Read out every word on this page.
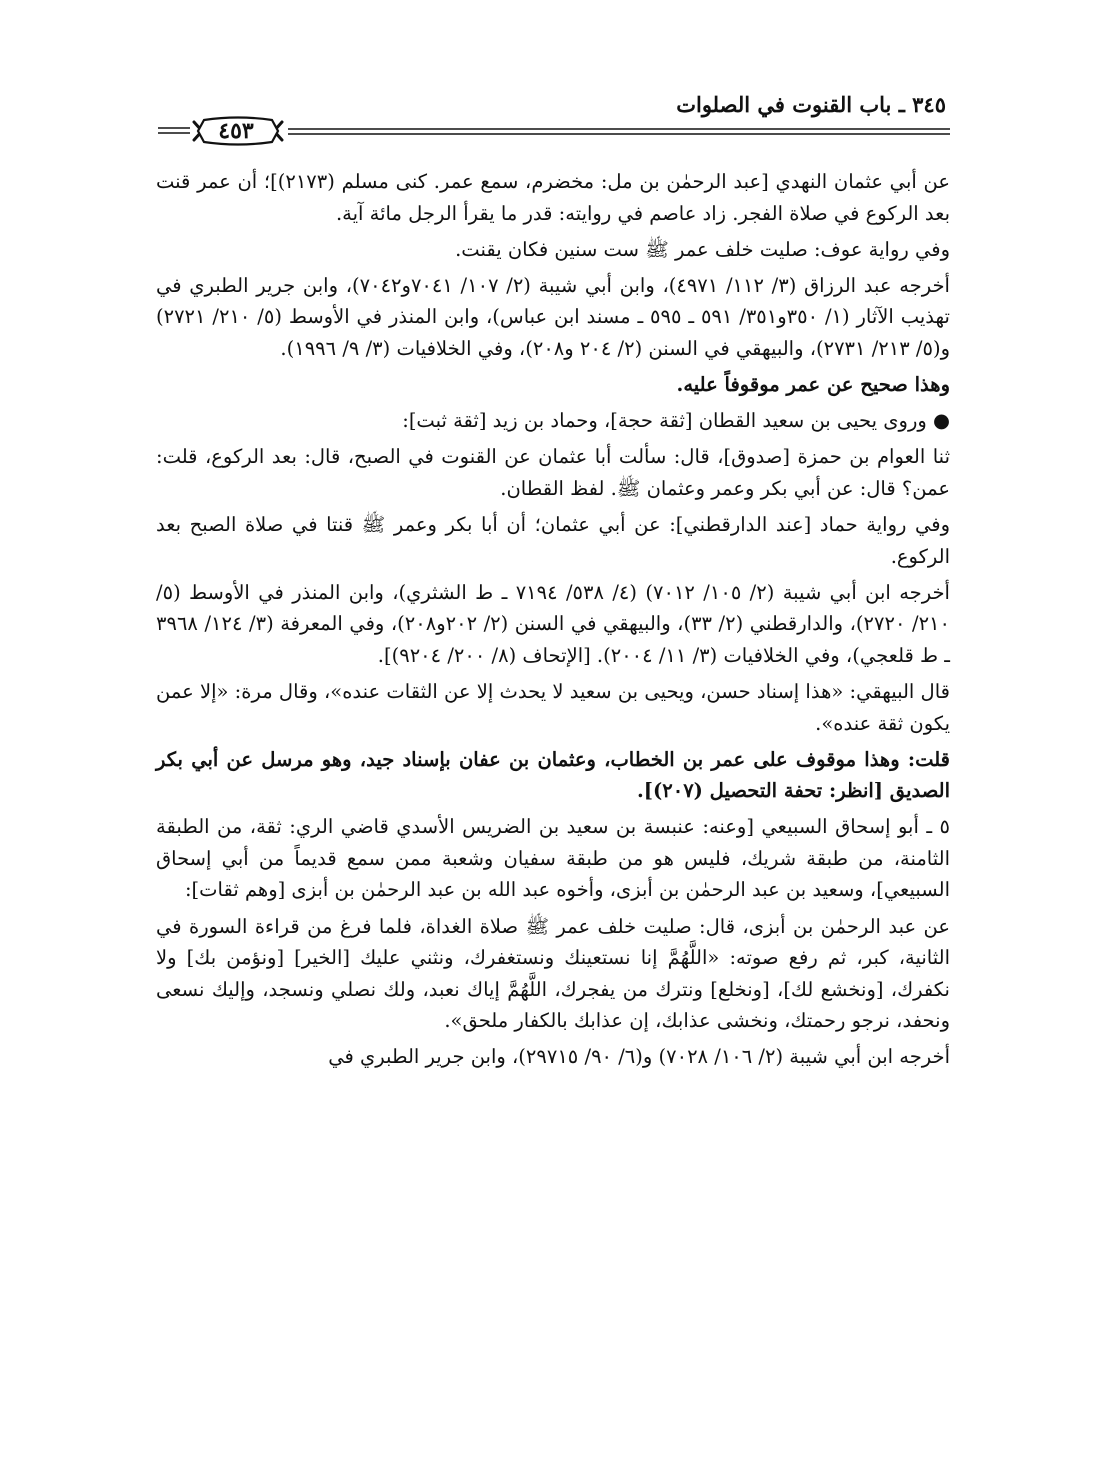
٣٤٥ ـ باب القنوت في الصلوات
٤٥٣

عن أبي عثمان النهدي [عبد الرحمٰن بن مل: مخضرم، سمع عمر. كنى مسلم (٢١٧٣)]؛ أن عمر قنت بعد الركوع في صلاة الفجر. زاد عاصم في روايته: قدر ما يقرأ الرجل مائة آية.

وفي رواية عوف: صليت خلف عمر ﷺ ست سنين فكان يقنت.

أخرجه عبد الرزاق (٣/ ١١٢/ ٤٩٧١)، وابن أبي شيبة (٢/ ١٠٧/ ٧٠٤١و٧٠٤٢)، وابن جرير الطبري في تهذيب الآثار (١/ ٣٥٠و٣٥١/ ٥٩١ ـ ٥٩٥ ـ مسند ابن عباس)، وابن المنذر في الأوسط (٥/ ٢١٠/ ٢٧٢١) و(٥/ ٢١٣/ ٢٧٣١)، والبيهقي في السنن (٢/ ٢٠٤ و٢٠٨)، وفي الخلافيات (٣/ ٩/ ١٩٩٦).

وهذا صحيح عن عمر موقوفاً عليه.

● وروى يحيى بن سعيد القطان [ثقة حجة]، وحماد بن زيد [ثقة ثبت]:

ثنا العوام بن حمزة [صدوق]، قال: سألت أبا عثمان عن القنوت في الصبح، قال: بعد الركوع، قلت: عمن؟ قال: عن أبي بكر وعمر وعثمان ﷺ. لفظ القطان.

وفي رواية حماد [عند الدارقطني]: عن أبي عثمان؛ أن أبا بكر وعمر ﷺ قنتا في صلاة الصبح بعد الركوع.

أخرجه ابن أبي شيبة (٢/ ١٠٥/ ٧٠١٢) (٤/ ٥٣٨/ ٧١٩٤ ـ ط الشثري)، وابن المنذر في الأوسط (٥/ ٢١٠/ ٢٧٢٠)، والدارقطني (٢/ ٣٣)، والبيهقي في السنن (٢/ ٢٠٢و٢٠٨)، وفي المعرفة (٣/ ١٢٤/ ٣٩٦٨ ـ ط قلعجي)، وفي الخلافيات (٣/ ١١/ ٢٠٠٤). [الإتحاف (٨/ ٢٠٠/ ٩٢٠٤)].

قال البيهقي: «هذا إسناد حسن، ويحيى بن سعيد لا يحدث إلا عن الثقات عنده»، وقال مرة: «إلا عمن يكون ثقة عنده».

قلت: وهذا موقوف على عمر بن الخطاب، وعثمان بن عفان بإسناد جيد، وهو مرسل عن أبي بكر الصديق [انظر: تحفة التحصيل (٢٠٧)].

٥ ـ أبو إسحاق السبيعي [وعنه: عنبسة بن سعيد بن الضريس الأسدي قاضي الري: ثقة، من الطبقة الثامنة، من طبقة شريك، فليس هو من طبقة سفيان وشعبة ممن سمع قديماً من أبي إسحاق السبيعي]، وسعيد بن عبد الرحمٰن بن أبزى، وأخوه عبد الله بن عبد الرحمٰن بن أبزى [وهم ثقات]:

عن عبد الرحمٰن بن أبزى، قال: صليت خلف عمر ﷺ صلاة الغداة، فلما فرغ من قراءة السورة في الثانية، كبر، ثم رفع صوته: «اللَّهُمَّ إنا نستعينك ونستغفرك، ونثني عليك [الخير] [ونؤمن بك] ولا نكفرك، [ونخشع لك]، [ونخلع] ونترك من يفجرك، اللَّهُمَّ إياك نعبد، ولك نصلي ونسجد، وإليك نسعى ونحفد، نرجو رحمتك، ونخشى عذابك، إن عذابك بالكفار ملحق».

أخرجه ابن أبي شيبة (٢/ ١٠٦/ ٧٠٢٨) و(٦/ ٩٠/ ٢٩٧١٥)، وابن جرير الطبري في
